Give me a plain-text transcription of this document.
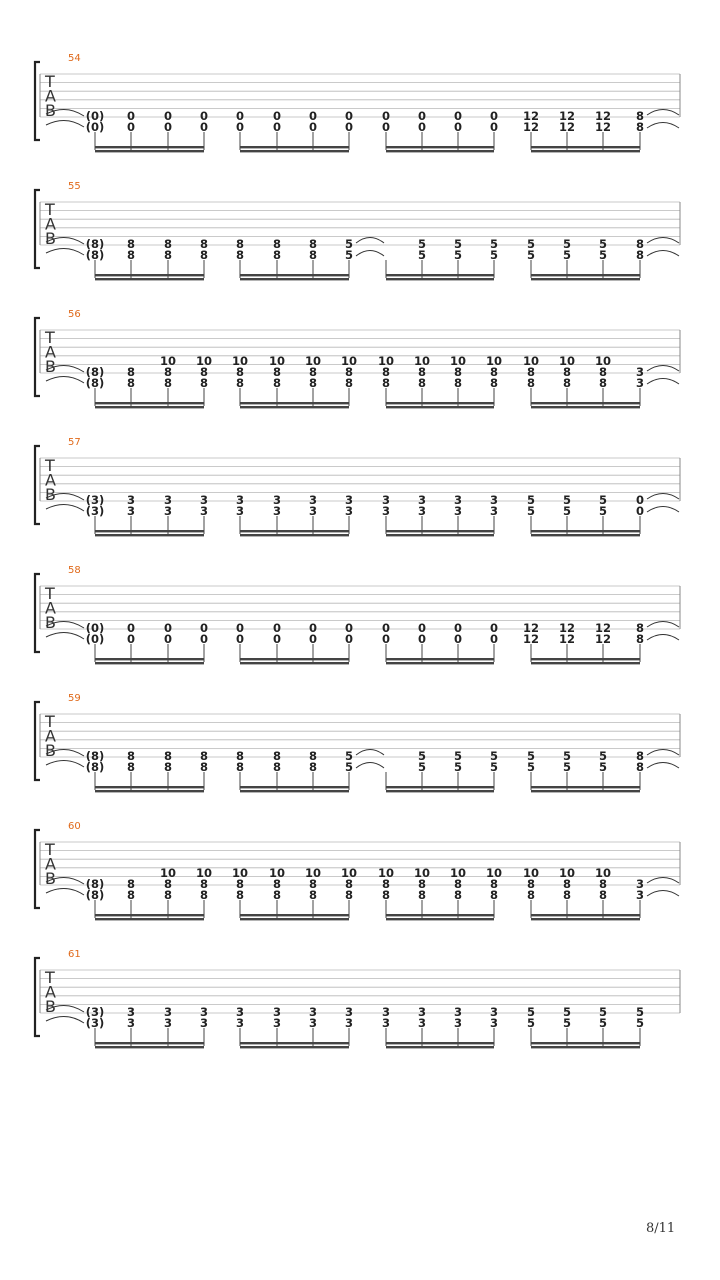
54
T
A
B	(0)
(0)
0
0
0
0
0
0
0
0
0
0
0
0
0
0
0
0
0
0
0
0
0
0
12
12
12
12
12
12
8
8
55
T
A
B	(8)
(8)
8
8
8
8
8
8
8
8
8
8
8
8
5
5
5
5
5
5
5
5
5
5
5
5
5
5
8
8
56
T
A
B	(8)
(8)
8
8
10
8
8
10
8
8
10
8
8
10
8
8
10
8
8
10
8
8
10
8
8
10
8
8
10
8
8
10
8
8
10
8
8
10
8
8
10
8
8
3
3
57
T
A
B	(3)
(3)
3
3
3
3
3
3
3
3
3
3
3
3
3
3
3
3
3
3
3
3
3
3
5
5
5
5
5
5
0
0
58
T
A
B	(0)
(0)
0
0
0
0
0
0
0
0
0
0
0
0
0
0
0
0
0
0
0
0
0
0
12
12
12
12
12
12
8
8
59
T
A
B	(8)
(8)
8
8
8
8
8
8
8
8
8
8
8
8
5
5
5
5
5
5
5
5
5
5
5
5
5
5
8
8
60
T
A
B	(8)
(8)
8
8
10
8
8
10
8
8
10
8
8
10
8
8
10
8
8
10
8
8
10
8
8
10
8
8
10
8
8
10
8
8
10
8
8
10
8
8
10
8
8
3
3
61
T
A
B	(3)
(3)
3
3
3
3
3
3
3
3
3
3
3
3
3
3
3
3
3
3
3
3
3
3
5
5
5
5
5
5
5
5
8/11
